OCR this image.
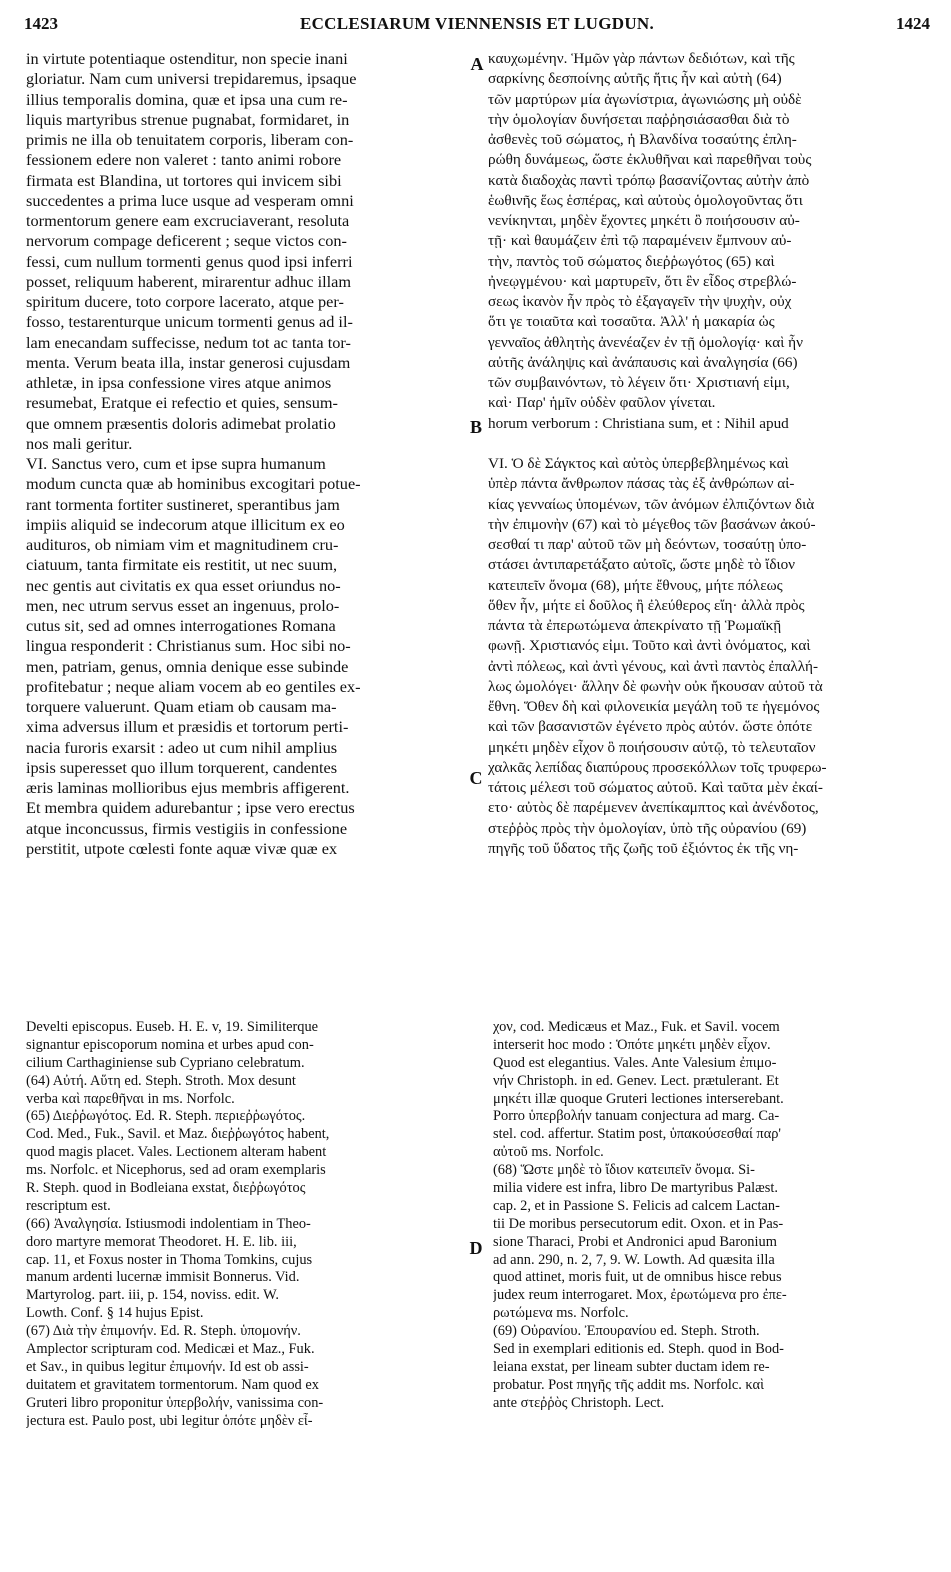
1423	ECCLESIARUM VIENNENSIS ET LUGDUN.	1424
A
B
C
D
in virtute potentiaque ostenditur, non specie inani
gloriatur. Nam cum universi trepidaremus, ipsaque
illius temporalis domina, quæ et ipsa una cum re-
liquis martyribus strenue pugnabat, formidaret, in
primis ne illa ob tenuitatem corporis, liberam con-
fessionem edere non valeret : tanto animi robore
firmata est Blandina, ut tortores qui invicem sibi
succedentes a prima luce usque ad vesperam omni
tormentorum genere eam excruciaverant, resoluta
nervorum compage deficerent ; seque victos con-
fessi, cum nullum tormenti genus quod ipsi inferri
posset, reliquum haberent, mirarentur adhuc illam
spiritum ducere, toto corpore lacerato, atque per-
fosso, testarenturque unicum tormenti genus ad il-
lam enecandam suffecisse, nedum tot ac tanta tor-
menta. Verum beata illa, instar generosi cujusdam
athletæ, in ipsa confessione vires atque animos
resumebat, Eratque ei refectio et quies, sensum-
que omnem præsentis doloris adimebat prolatio
nos mali geritur.
VI. Sanctus vero, cum et ipse supra humanum
modum cuncta quæ ab hominibus excogitari potue-
rant tormenta fortiter sustineret, sperantibus jam
impiis aliquid se indecorum atque illicitum ex eo
audituros, ob nimiam vim et magnitudinem cru-
ciatuum, tanta firmitate eis restitit, ut nec suum,
nec gentis aut civitatis ex qua esset oriundus no-
men, nec utrum servus esset an ingenuus, prolo-
cutus sit, sed ad omnes interrogationes Romana
lingua responderit : Christianus sum. Hoc sibi no-
men, patriam, genus, omnia denique esse subinde
profitebatur ; neque aliam vocem ab eo gentiles ex-
torquere valuerunt. Quam etiam ob causam ma-
xima adversus illum et præsidis et tortorum perti-
nacia furoris exarsit : adeo ut cum nihil amplius
ipsis superesset quo illum torquerent, candentes
æris laminas mollioribus ejus membris affigerent.
Et membra quidem adurebantur ; ipse vero erectus
atque inconcussus, firmis vestigiis in confessione
perstitit, utpote cœlesti fonte aquæ vivæ quæ ex
καυχωμένην. Ἡμῶν γὰρ πάντων δεδιότων, καὶ τῆς
σαρκίνης δεσποίνης αὐτῆς ἥτις ἦν καὶ αὐτὴ (64)
τῶν μαρτύρων μία ἀγωνίστρια, ἀγωνιώσης μὴ οὐδὲ
τὴν ὁμολογίαν δυνήσεται παῤῥησιάσασθαι διὰ τὸ
ἀσθενὲς τοῦ σώματος, ἡ Βλανδίνα τοσαύτης ἐπλη-
ρώθη δυνάμεως, ὥστε ἐκλυθῆναι καὶ παρεθῆναι τοὺς
κατὰ διαδοχὰς παντὶ τρόπῳ βασανίζοντας αὐτὴν ἀπὸ
ἑωθινῆς ἕως ἑσπέρας, καὶ αὐτοὺς ὁμολογοῦντας ὅτι
νενίκηνται, μηδὲν ἔχοντες μηκέτι ὃ ποιήσουσιν αὐ-
τῇ· καὶ θαυμάζειν ἐπὶ τῷ παραμένειν ἔμπνουν αὐ-
τὴν, παντὸς τοῦ σώματος διεῤῥωγότος (65) καὶ
ἠνεῳγμένου· καὶ μαρτυρεῖν, ὅτι ἓν εἶδος στρεβλώ-
σεως ἱκανὸν ἦν πρὸς τὸ ἐξαγαγεῖν τὴν ψυχὴν, οὐχ
ὅτι γε τοιαῦτα καὶ τοσαῦτα. Ἀλλ' ἡ μακαρία ὡς
γενναῖος ἀθλητὴς ἀνενέαζεν ἐν τῇ ὁμολογίᾳ· καὶ ἦν
αὐτῆς ἀνάληψις καὶ ἀνάπαυσις καὶ ἀναλγησία (66)
τῶν συμβαινόντων, τὸ λέγειν ὅτι· Χριστιανή εἰμι,
καὶ· Παρ' ἡμῖν οὐδὲν φαῦλον γίνεται.
horum verborum : Christiana sum, et : Nihil apud
VI. Ὁ δὲ Σάγκτος καὶ αὐτὸς ὑπερβεβλημένως καὶ
ὑπὲρ πάντα ἄνθρωπον πάσας τὰς ἐξ ἀνθρώπων αἰ-
κίας γενναίως ὑπομένων, τῶν ἀνόμων ἐλπιζόντων διὰ
τὴν ἐπιμονὴν (67) καὶ τὸ μέγεθος τῶν βασάνων ἀκού-
σεσθαί τι παρ' αὐτοῦ τῶν μὴ δεόντων, τοσαύτῃ ὑπο-
στάσει ἀντιπαρετάξατο αὐτοῖς, ὥστε μηδὲ τὸ ἴδιον
κατειπεῖν ὄνομα (68), μήτε ἔθνους, μήτε πόλεως
ὅθεν ἦν, μήτε εἰ δοῦλος ἢ ἐλεύθερος εἴη· ἀλλὰ πρὸς
πάντα τὰ ἐπερωτώμενα ἀπεκρίνατο τῇ Ῥωμαϊκῇ
φωνῇ. Χριστιανός εἰμι. Τοῦτο καὶ ἀντὶ ὀνόματος, καὶ
ἀντὶ πόλεως, καὶ ἀντὶ γένους, καὶ ἀντὶ παντὸς ἐπαλλή-
λως ὡμολόγει· ἄλλην δὲ φωνὴν οὐκ ἤκουσαν αὐτοῦ τὰ
ἔθνη. Ὅθεν δὴ καὶ φιλονεικία μεγάλη τοῦ τε ἡγεμόνος
καὶ τῶν βασανιστῶν ἐγένετο πρὸς αὐτόν. ὥστε ὁπότε
μηκέτι μηδὲν εἶχον ὃ ποιήσουσιν αὐτῷ, τὸ τελευταῖον
χαλκᾶς λεπίδας διαπύρους προσεκόλλων τοῖς τρυφερω-
τάτοις μέλεσι τοῦ σώματος αὐτοῦ. Καὶ ταῦτα μὲν ἐκαί-
ετο· αὐτὸς δὲ παρέμενεν ἀνεπίκαμπτος καὶ ἀνένδοτος,
στεῤῥὸς πρὸς τὴν ὁμολογίαν, ὑπὸ τῆς οὐρανίου (69)
πηγῆς τοῦ ὕδατος τῆς ζωῆς τοῦ ἐξιόντος ἐκ τῆς νη-
Develti episcopus. Euseb. H. E. v, 19. Similiterque
signantur episcoporum nomina et urbes apud con-
cilium Carthaginiense sub Cypriano celebratum.
(64) Αὐτή. Αὕτη ed. Steph. Stroth. Mox desunt
verba καὶ παρεθῆναι in ms. Norfolc.
(65) Διεῤῥωγότος. Ed. R. Steph. περιεῤῥωγότος.
Cod. Med., Fuk., Savil. et Maz. διεῤῥωγότος habent,
quod magis placet. Vales. Lectionem alteram habent
ms. Norfolc. et Nicephorus, sed ad oram exemplaris
R. Steph. quod in Bodleiana exstat, διεῤῥωγότος
rescriptum est.
(66) Ἀναλγησία. Istiusmodi indolentiam in Theo-
doro martyre memorat Theodoret. H. E. lib. iii,
cap. 11, et Foxus noster in Thoma Tomkins, cujus
manum ardenti lucernæ immisit Bonnerus. Vid.
Martyrolog. part. iii, p. 154, noviss. edit. W.
Lowth. Conf. § 14 hujus Epist.
(67) Διὰ τὴν ἐπιμονήν. Ed. R. Steph. ὑπομονήν.
Amplector scripturam cod. Medicæi et Maz., Fuk.
et Sav., in quibus legitur ἐπιμονήν. Id est ob assi-
duitatem et gravitatem tormentorum. Nam quod ex
Gruteri libro proponitur ὑπερβολήν, vanissima con-
jectura est. Paulo post, ubi legitur ὁπότε μηδὲν εἶ-
χον, cod. Medicæus et Maz., Fuk. et Savil. vocem
interserit hoc modo : Ὁπότε μηκέτι μηδὲν εἶχον.
Quod est elegantius. Vales. Ante Valesium ἐπιμο-
νήν Christoph. in ed. Genev. Lect. prætulerant. Et
μηκέτι illæ quoque Gruteri lectiones interserebant.
Porro ὑπερβολήν tanuam conjectura ad marg. Ca-
stel. cod. affertur. Statim post, ὑπακούσεσθαί παρ'
αὐτοῦ ms. Norfolc.
(68) Ὥστε μηδὲ τὸ ἴδιον κατειπεῖν ὄνομα. Si-
milia videre est infra, libro De martyribus Palæst.
cap. 2, et in Passione S. Felicis ad calcem Lactan-
tii De moribus persecutorum edit. Oxon. et in Pas-
sione Tharaci, Probi et Andronici apud Baronium
ad ann. 290, n. 2, 7, 9. W. Lowth. Ad quæsita illa
quod attinet, moris fuit, ut de omnibus hisce rebus
judex reum interrogaret. Mox, ἐρωτώμενα pro ἐπε-
ρωτώμενα ms. Norfolc.
(69) Οὐρανίου. Ἐπουρανίου ed. Steph. Stroth.
Sed in exemplari editionis ed. Steph. quod in Bod-
leiana exstat, per lineam subter ductam idem re-
probatur. Post πηγῆς τῆς addit ms. Norfolc. καὶ
ante στεῤῥὸς Christoph. Lect.
